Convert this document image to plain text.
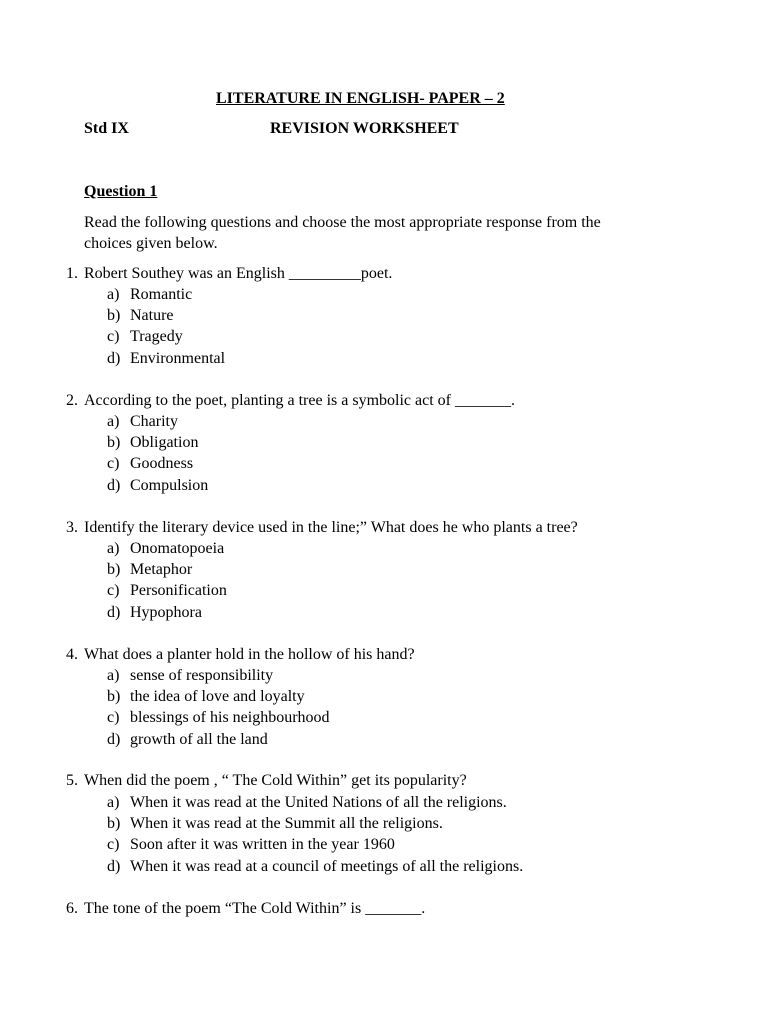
LITERATURE IN ENGLISH- PAPER – 2
Std IX	REVISION WORKSHEET
Question 1
Read the following questions and choose the most appropriate response from the
choices given below.
1. Robert Southey was an English _________poet.
a) Romantic
b) Nature
c) Tragedy
d) Environmental
2. According to the poet, planting a tree is a symbolic act of _______.
a) Charity
b) Obligation
c) Goodness
d) Compulsion
3. Identify the literary device used in the line;” What does he who plants a tree?
a) Onomatopoeia
b) Metaphor
c) Personification
d) Hypophora
4. What does a planter hold in the hollow of his hand?
a) sense of responsibility
b) the idea of love and loyalty
c) blessings of his neighbourhood
d) growth of all the land
5. When did the poem , “ The Cold Within” get its popularity?
a) When it was read at the United Nations of all the religions.
b) When it was read at the Summit all the religions.
c) Soon after it was written in the year 1960
d) When it was read at a council of meetings of all the religions.
6. The tone of the poem “The Cold Within” is _______.
